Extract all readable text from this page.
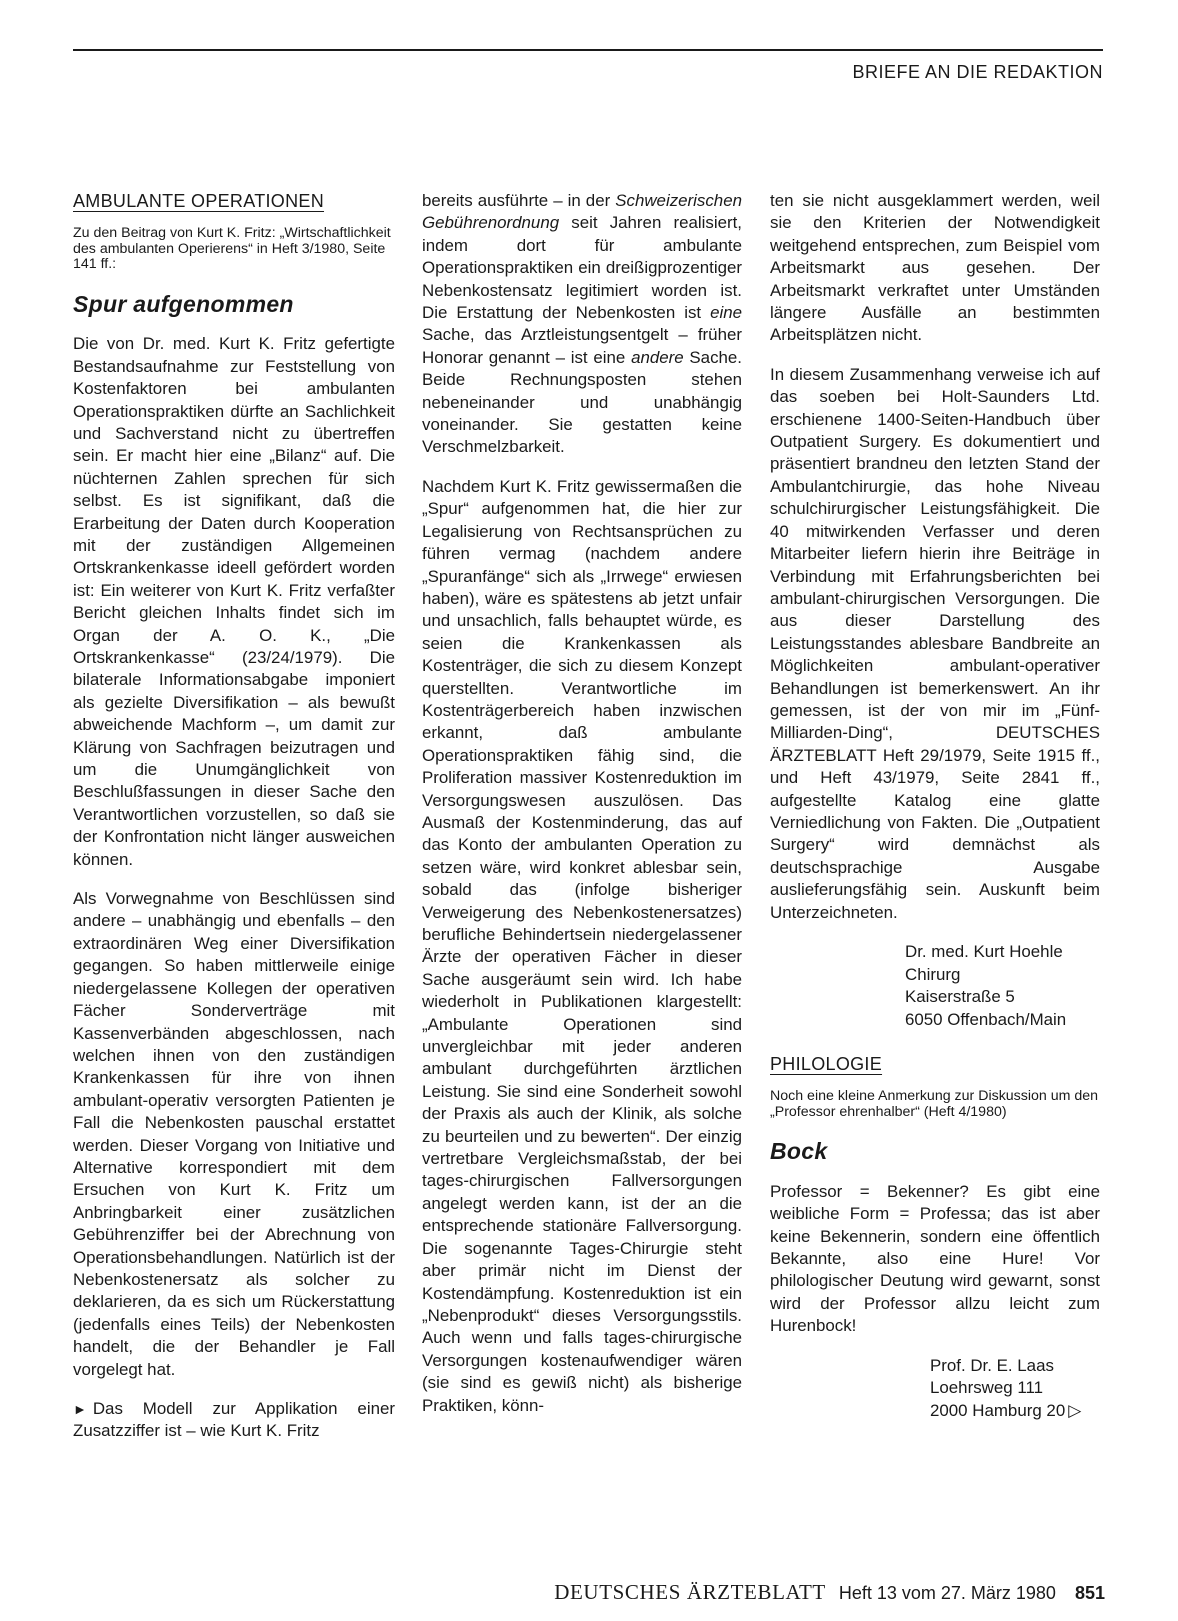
BRIEFE AN DIE REDAKTION
AMBULANTE OPERATIONEN

Zu den Beitrag von Kurt K. Fritz: „Wirtschaftlichkeit des ambulanten Operierens“ in Heft 3/1980, Seite 141 ff.:

Spur aufgenommen

Die von Dr. med. Kurt K. Fritz gefertigte Bestandsaufnahme zur Feststellung von Kostenfaktoren bei ambulanten Operationspraktiken dürfte an Sachlichkeit und Sachverstand nicht zu übertreffen sein. Er macht hier eine „Bilanz“ auf. Die nüchternen Zahlen sprechen für sich selbst. Es ist signifikant, daß die Erarbeitung der Daten durch Kooperation mit der zuständigen Allgemeinen Ortskrankenkasse ideell gefördert worden ist: Ein weiterer von Kurt K. Fritz verfaßter Bericht gleichen Inhalts findet sich im Organ der A. O. K., „Die Ortskrankenkasse“ (23/24/1979). Die bilaterale Informationsabgabe imponiert als gezielte Diversifikation – als bewußt abweichende Machform –, um damit zur Klärung von Sachfragen beizutragen und um die Unumgänglichkeit von Beschlußfassungen in dieser Sache den Verantwortlichen vorzustellen, so daß sie der Konfrontation nicht länger ausweichen können.

Als Vorwegnahme von Beschlüssen sind andere – unabhängig und ebenfalls – den extraordinären Weg einer Diversifikation gegangen. So haben mittlerweile einige niedergelassene Kollegen der operativen Fächer Sonderverträge mit Kassenverbänden abgeschlossen, nach welchen ihnen von den zuständigen Krankenkassen für ihre von ihnen ambulant-operativ versorgten Patienten je Fall die Nebenkosten pauschal erstattet werden. Dieser Vorgang von Initiative und Alternative korrespondiert mit dem Ersuchen von Kurt K. Fritz um Anbringbarkeit einer zusätzlichen Gebührenziffer bei der Abrechnung von Operationsbehandlungen. Natürlich ist der Nebenkostenersatz als solcher zu deklarieren, da es sich um Rückerstattung (jedenfalls eines Teils) der Nebenkosten handelt, die der Behandler je Fall vorgelegt hat.

► Das Modell zur Applikation einer Zusatzziffer ist – wie Kurt K. Fritz

bereits ausführte – in der Schweizerischen Gebührenordnung seit Jahren realisiert, indem dort für ambulante Operationspraktiken ein dreißigprozentiger Nebenkostensatz legitimiert worden ist. Die Erstattung der Nebenkosten ist eine Sache, das Arztleistungsentgelt – früher Honorar genannt – ist eine andere Sache. Beide Rechnungsposten stehen nebeneinander und unabhängig voneinander. Sie gestatten keine Verschmelzbarkeit.

Nachdem Kurt K. Fritz gewissermaßen die „Spur“ aufgenommen hat, die hier zur Legalisierung von Rechtsansprüchen zu führen vermag (nachdem andere „Spuranfänge“ sich als „Irrwege“ erwiesen haben), wäre es spätestens ab jetzt unfair und unsachlich, falls behauptet würde, es seien die Krankenkassen als Kostenträger, die sich zu diesem Konzept querstellten. Verantwortliche im Kostenträgerbereich haben inzwischen erkannt, daß ambulante Operationspraktiken fähig sind, die Proliferation massiver Kostenreduktion im Versorgungswesen auszulösen. Das Ausmaß der Kostenminderung, das auf das Konto der ambulanten Operation zu setzen wäre, wird konkret ablesbar sein, sobald das (infolge bisheriger Verweigerung des Nebenkostenersatzes) berufliche Behindertsein niedergelassener Ärzte der operativen Fächer in dieser Sache ausgeräumt sein wird. Ich habe wiederholt in Publikationen klargestellt: „Ambulante Operationen sind unvergleichbar mit jeder anderen ambulant durchgeführten ärztlichen Leistung. Sie sind eine Sonderheit sowohl der Praxis als auch der Klinik, als solche zu beurteilen und zu bewerten“. Der einzig vertretbare Vergleichsmaßstab, der bei tages-chirurgischen Fallversorgungen angelegt werden kann, ist der an die entsprechende stationäre Fallversorgung. Die sogenannte Tages-Chirurgie steht aber primär nicht im Dienst der Kostendämpfung. Kostenreduktion ist ein „Nebenprodukt“ dieses Versorgungsstils. Auch wenn und falls tages-chirurgische Versorgungen kostenaufwendiger wären (sie sind es gewiß nicht) als bisherige Praktiken, könn-

ten sie nicht ausgeklammert werden, weil sie den Kriterien der Notwendigkeit weitgehend entsprechen, zum Beispiel vom Arbeitsmarkt aus gesehen. Der Arbeitsmarkt verkraftet unter Umständen längere Ausfälle an bestimmten Arbeitsplätzen nicht.

In diesem Zusammenhang verweise ich auf das soeben bei Holt-Saunders Ltd. erschienene 1400-Seiten-Handbuch über Outpatient Surgery. Es dokumentiert und präsentiert brandneu den letzten Stand der Ambulantchirurgie, das hohe Niveau schulchirurgischer Leistungsfähigkeit. Die 40 mitwirkenden Verfasser und deren Mitarbeiter liefern hierin ihre Beiträge in Verbindung mit Erfahrungsberichten bei ambulant-chirurgischen Versorgungen. Die aus dieser Darstellung des Leistungsstandes ablesbare Bandbreite an Möglichkeiten ambulant-operativer Behandlungen ist bemerkenswert. An ihr gemessen, ist der von mir im „Fünf-Milliarden-Ding“, DEUTSCHES ÄRZTEBLATT Heft 29/1979, Seite 1915 ff., und Heft 43/1979, Seite 2841 ff., aufgestellte Katalog eine glatte Verniedlichung von Fakten. Die „Outpatient Surgery“ wird demnächst als deutschsprachige Ausgabe auslieferungsfähig sein. Auskunft beim Unterzeichneten.

Dr. med. Kurt Hoehle
Chirurg
Kaiserstraße 5
6050 Offenbach/Main
PHILOLOGIE

Noch eine kleine Anmerkung zur Diskussion um den „Professor ehrenhalber“ (Heft 4/1980)

Bock

Professor = Bekenner? Es gibt eine weibliche Form = Professa; das ist aber keine Bekennerin, sondern eine öffentlich Bekannte, also eine Hure! Vor philologischer Deutung wird gewarnt, sonst wird der Professor allzu leicht zum Hurenbock!

Prof. Dr. E. Laas
Loehrsweg 111
2000 Hamburg 20 ▷
DEUTSCHES ÄRZTEBLATT Heft 13 vom 27. März 1980 851
